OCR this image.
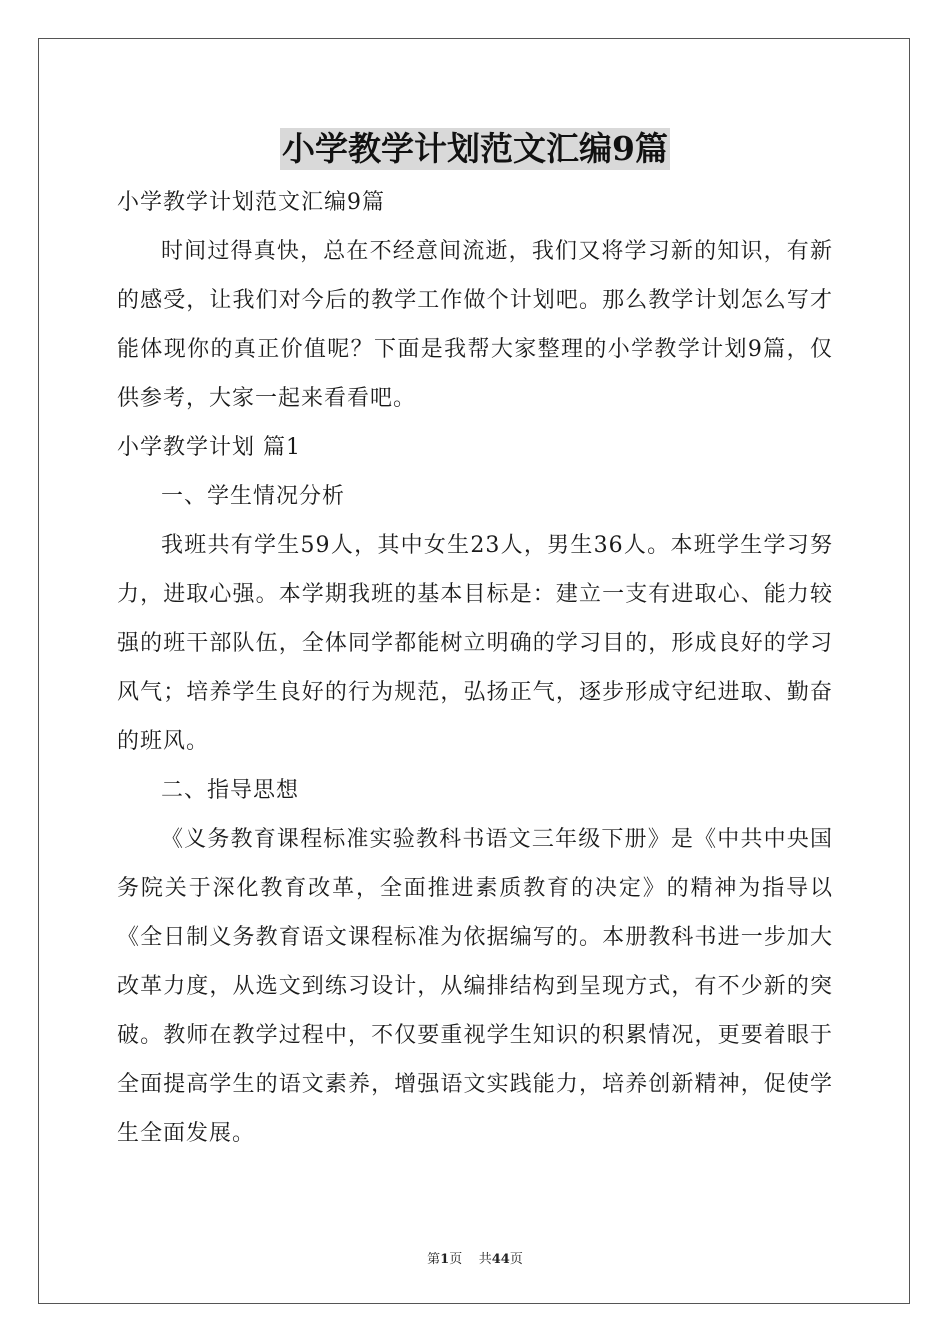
小学教学计划范文汇编9篇

小学教学计划范文汇编9篇

时间过得真快，总在不经意间流逝，我们又将学习新的知识，有新的感受，让我们对今后的教学工作做个计划吧。那么教学计划怎么写才能体现你的真正价值呢？下面是我帮大家整理的小学教学计划9篇，仅供参考，大家一起来看看吧。

小学教学计划 篇1

一、学生情况分析

我班共有学生59人，其中女生23人，男生36人。本班学生学习努力，进取心强。本学期我班的基本目标是：建立一支有进取心、能力较强的班干部队伍，全体同学都能树立明确的学习目的，形成良好的学习风气；培养学生良好的行为规范，弘扬正气，逐步形成守纪进取、勤奋的班风。

二、指导思想

《义务教育课程标准实验教科书语文三年级下册》是《中共中央国务院关于深化教育改革，全面推进素质教育的决定》的精神为指导以《全日制义务教育语文课程标准为依据编写的。本册教科书进一步加大改革力度，从选文到练习设计，从编排结构到呈现方式，有不少新的突破。教师在教学过程中，不仅要重视学生知识的积累情况，更要着眼于全面提高学生的语文素养，增强语文实践能力，培养创新精神，促使学生全面发展。

第1页 共44页
